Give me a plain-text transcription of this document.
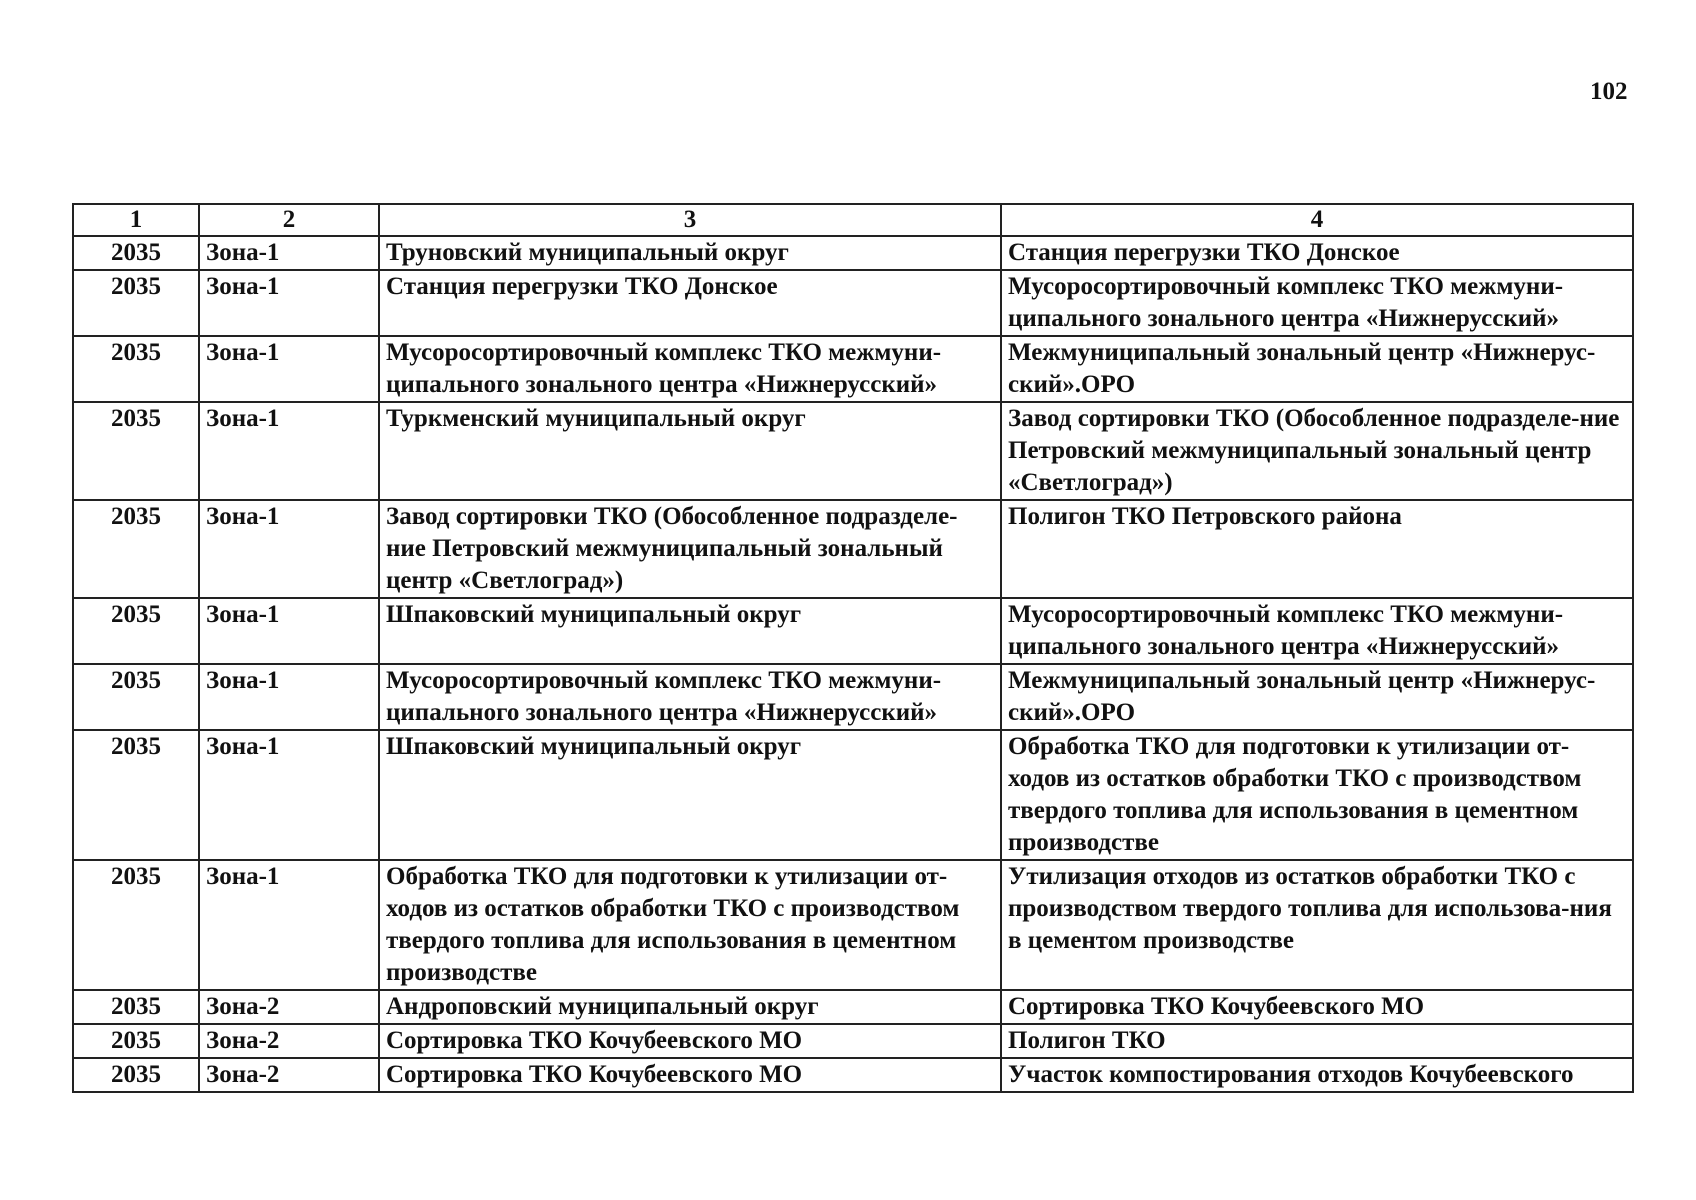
102
1	2	3	4
2035	Зона-1	Труновский муниципальный округ	Станция перегрузки ТКО Донское
2035	Зона-1	Станция перегрузки ТКО Донское	Мусоросортировочный комплекс ТКО межмуни-ципального зонального центра «Нижнерусский»
2035	Зона-1	Мусоросортировочный комплекс ТКО межмуни-ципального зонального центра «Нижнерусский»	Межмуниципальный зональный центр «Нижнерус-ский».ОРО
2035	Зона-1	Туркменский муниципальный округ	Завод сортировки ТКО (Обособленное подразделе-ние Петровский межмуниципальный зональный центр «Светлоград»)
2035	Зона-1	Завод сортировки ТКО (Обособленное подразделе-ние Петровский межмуниципальный зональный центр «Светлоград»)	Полигон ТКО Петровского района
2035	Зона-1	Шпаковский муниципальный округ	Мусоросортировочный комплекс ТКО межмуни-ципального зонального центра «Нижнерусский»
2035	Зона-1	Мусоросортировочный комплекс ТКО межмуни-ципального зонального центра «Нижнерусский»	Межмуниципальный зональный центр «Нижнерус-ский».ОРО
2035	Зона-1	Шпаковский муниципальный округ	Обработка ТКО для подготовки к утилизации от-ходов из остатков обработки ТКО с производством твердого топлива для использования в цементном производстве
2035	Зона-1	Обработка ТКО для подготовки к утилизации от-ходов из остатков обработки ТКО с производством твердого топлива для использования в цементном производстве	Утилизация отходов из остатков обработки ТКО с производством твердого топлива для использова-ния в цементом производстве
2035	Зона-2	Андроповский муниципальный округ	Сортировка ТКО Кочубеевского МО
2035	Зона-2	Сортировка ТКО Кочубеевского МО	Полигон ТКО
2035	Зона-2	Сортировка ТКО Кочубеевского МО	Участок компостирования отходов Кочубеевского
